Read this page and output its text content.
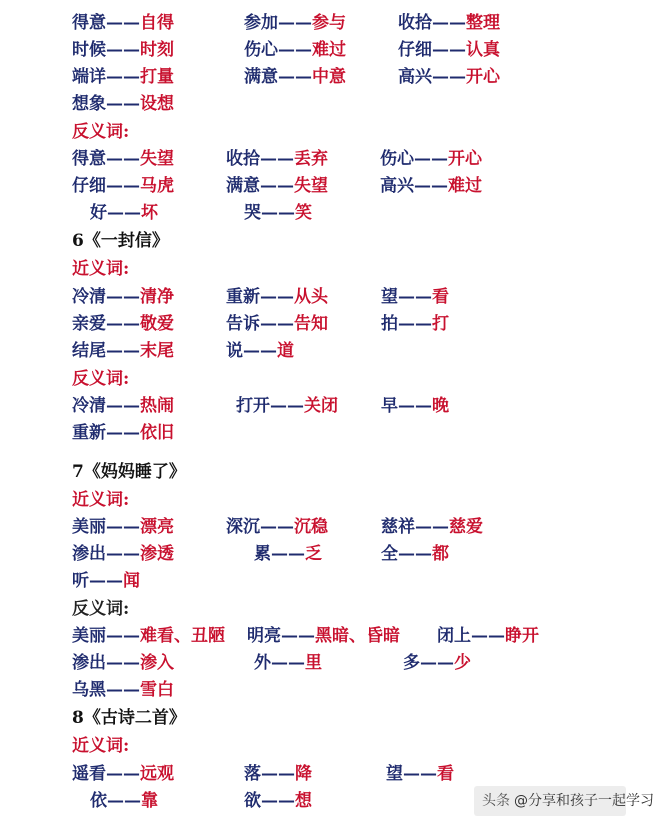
得意——自得	参加——参与	收拾——整理
时候——时刻	伤心——难过	仔细——认真
端详——打量	满意——中意	高兴——开心
想象——设想
反义词:
得意——失望	收拾——丢弃	伤心——开心
仔细——马虎	满意——失望	高兴——难过
好——坏	哭——笑
6《一封信》
近义词:
冷清——清净	重新——从头	望——看
亲爱——敬爱	告诉——告知	拍——打
结尾——末尾	说——道
反义词:
冷清——热闹	打开——关闭	早——晚
重新——依旧
7《妈妈睡了》
近义词:
美丽——漂亮	深沉——沉稳	慈祥——慈爱
渗出——渗透	累——乏	全——都
听——闻
反义词:
美丽——难看、丑陋 明亮——黑暗、昏暗 闭上——睁开
渗出——渗入	外——里	多——少
乌黑——雪白
8《古诗二首》
近义词:
遥看——远观	落——降	望——看
依——靠	欲——想	头条 @分享和孩子一起学习
